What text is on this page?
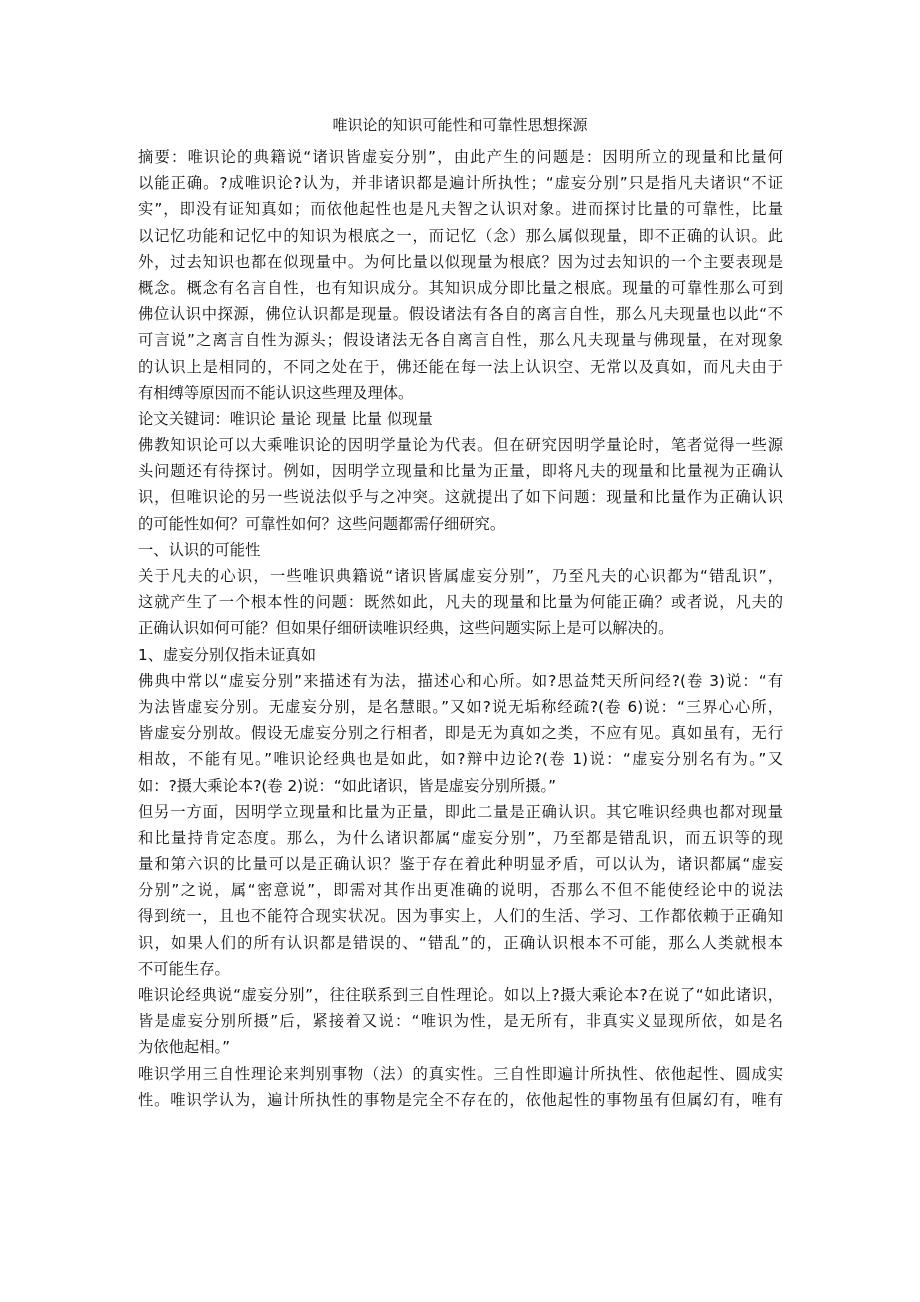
唯识论的知识可能性和可靠性思想探源
摘要：唯识论的典籍说“诸识皆虚妄分别”，由此产生的问题是：因明所立的现量和比量何
以能正确。?成唯识论?认为，并非诸识都是遍计所执性；“虚妄分别”只是指凡夫诸识“不证
实”，即没有证知真如；而依他起性也是凡夫智之认识对象。进而探讨比量的可靠性，比量
以记忆功能和记忆中的知识为根底之一，而记忆（念）那么属似现量，即不正确的认识。此
外，过去知识也都在似现量中。为何比量以似现量为根底？因为过去知识的一个主要表现是
概念。概念有名言自性，也有知识成分。其知识成分即比量之根底。现量的可靠性那么可到
佛位认识中探源，佛位认识都是现量。假设诸法有各自的离言自性，那么凡夫现量也以此“不
可言说”之离言自性为源头；假设诸法无各自离言自性，那么凡夫现量与佛现量，在对现象
的认识上是相同的，不同之处在于，佛还能在每一法上认识空、无常以及真如，而凡夫由于
有相缚等原因而不能认识这些理及理体。
论文关键词：唯识论 量论 现量 比量 似现量
佛教知识论可以大乘唯识论的因明学量论为代表。但在研究因明学量论时，笔者觉得一些源
头问题还有待探讨。例如，因明学立现量和比量为正量，即将凡夫的现量和比量视为正确认
识，但唯识论的另一些说法似乎与之冲突。这就提出了如下问题：现量和比量作为正确认识
的可能性如何？可靠性如何？这些问题都需仔细研究。
一、认识的可能性
关于凡夫的心识，一些唯识典籍说“诸识皆属虚妄分别”，乃至凡夫的心识都为“错乱识”，
这就产生了一个根本性的问题：既然如此，凡夫的现量和比量为何能正确？或者说，凡夫的
正确认识如何可能？但如果仔细研读唯识经典，这些问题实际上是可以解决的。
1、虚妄分别仅指未证真如
佛典中常以“虚妄分别”来描述有为法，描述心和心所。如?思益梵天所问经?(卷 3)说：“有
为法皆虚妄分别。无虚妄分别，是名慧眼。”又如?说无垢称经疏?(卷 6)说：“三界心心所，
皆虚妄分别故。假设无虚妄分别之行相者，即是无为真如之类，不应有见。真如虽有，无行
相故，不能有见。”唯识论经典也是如此，如?辩中边论?(卷 1)说：“虚妄分别名有为。”又
如：?摄大乘论本?(卷 2)说：“如此诸识，皆是虚妄分别所摄。”
但另一方面，因明学立现量和比量为正量，即此二量是正确认识。其它唯识经典也都对现量
和比量持肯定态度。那么，为什么诸识都属“虚妄分别”，乃至都是错乱识，而五识等的现
量和第六识的比量可以是正确认识？鉴于存在着此种明显矛盾，可以认为，诸识都属“虚妄
分别”之说，属“密意说”，即需对其作出更准确的说明，否那么不但不能使经论中的说法
得到统一，且也不能符合现实状况。因为事实上，人们的生活、学习、工作都依赖于正确知
识，如果人们的所有认识都是错误的、“错乱”的，正确认识根本不可能，那么人类就根本
不可能生存。
唯识论经典说“虚妄分别”，往往联系到三自性理论。如以上?摄大乘论本?在说了“如此诸识，
皆是虚妄分别所摄”后，紧接着又说：“唯识为性，是无所有，非真实义显现所依，如是名
为依他起相。”
唯识学用三自性理论来判别事物（法）的真实性。三自性即遍计所执性、依他起性、圆成实
性。唯识学认为，遍计所执性的事物是完全不存在的，依他起性的事物虽有但属幻有，唯有
